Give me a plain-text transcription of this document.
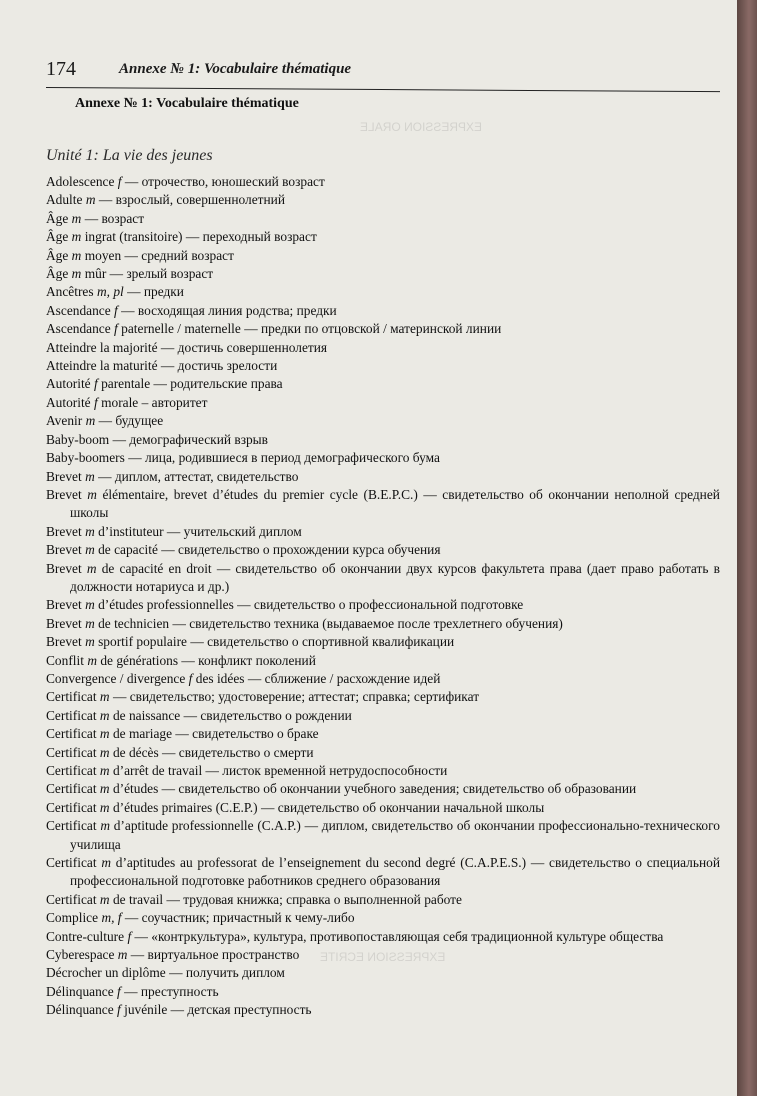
EXPRESSION ORALE
EXPRESSION ECRITE
174	Annexe № 1: Vocabulaire thématique
Annexe № 1: Vocabulaire thématique
Unité 1: La vie des jeunes
Adolescence f — отрочество, юношеский возраст
Adulte m — взрослый, совершеннолетний
Âge m — возраст
Âge m ingrat (transitoire) — переходный возраст
Âge m moyen — средний возраст
Âge m mûr — зрелый возраст
Ancêtres m, pl — предки
Ascendance f — восходящая линия родства; предки
Ascendance f paternelle / maternelle — предки по отцовской / материнской линии
Atteindre la majorité — достичь совершеннолетия
Atteindre la maturité — достичь зрелости
Autorité f parentale — родительские права
Autorité f morale – авторитет
Avenir m — будущее
Baby-boom — демографический взрыв
Baby-boomers — лица, родившиеся в период демографического бума
Brevet m — диплом, аттестат, свидетельство
Brevet m élémentaire, brevet d’études du premier cycle (B.E.P.C.) — свидетельство об окончании неполной средней школы
Brevet m d’instituteur — учительский диплом
Brevet m de capacité — свидетельство о прохождении курса обучения
Brevet m de capacité en droit — свидетельство об окончании двух курсов факультета права (дает право работать в должности нотариуса и др.)
Brevet m d’études professionnelles — свидетельство о профессиональной подготовке
Brevet m de technicien — свидетельство техника (выдаваемое после трехлетнего обучения)
Brevet m sportif populaire — свидетельство о спортивной квалификации
Conflit m de générations — конфликт поколений
Convergence / divergence f des idées — сближение / расхождение идей
Certificat m — свидетельство; удостоверение; аттестат; справка; сертификат
Certificat m de naissance — свидетельство о рождении
Certificat m de mariage — свидетельство о браке
Certificat m de décès — свидетельство о смерти
Certificat m d’arrêt de travail — листок временной нетрудоспособности
Certificat m d’études — свидетельство об окончании учебного заведения; свидетельство об образовании
Certificat m d’études primaires (C.E.P.) — свидетельство об окончании начальной школы
Certificat m d’aptitude professionnelle (C.A.P.) — диплом, свидетельство об окончании профессионально-технического училища
Certificat m d’aptitudes au professorat de l’enseignement du second degré (C.A.P.E.S.) — свидетельство о специальной профессиональной подготовке работников среднего образования
Certificat m de travail — трудовая книжка; справка о выполненной работе
Complice m, f — соучастник; причастный к чему-либо
Contre-culture f — «контркультура», культура, противопоставляющая себя традиционной культуре общества
Cyberespace m — виртуальное пространство
Décrocher un diplôme — получить диплом
Délinquance f — преступность
Délinquance f juvénile — детская преступность
